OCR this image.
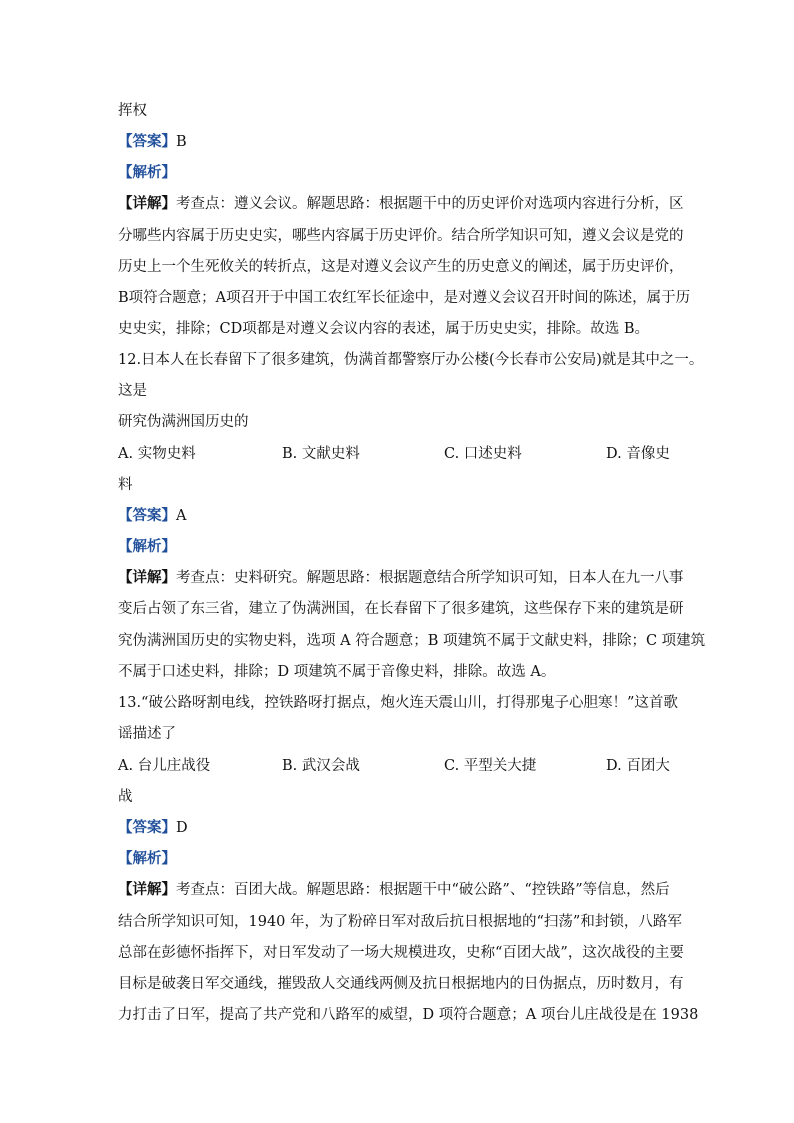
挥权
【答案】B
【解析】
【详解】考查点：遵义会议。解题思路：根据题干中的历史评价对选项内容进行分析，区
分哪些内容属于历史史实，哪些内容属于历史评价。结合所学知识可知，遵义会议是党的
历史上一个生死攸关的转折点，这是对遵义会议产生的历史意义的阐述，属于历史评价，
B项符合题意；A项召开于中国工农红军长征途中，是对遵义会议召开时间的陈述，属于历
史史实，排除；CD项都是对遵义会议内容的表述，属于历史史实，排除。故选 B。
12.日本人在长春留下了很多建筑，伪满首都警察厅办公楼(今长春市公安局)就是其中之一。
这是
研究伪满洲国历史的
A. 实物史料	B. 文献史料	C. 口述史料	D. 音像史
料
【答案】A
【解析】
【详解】考查点：史料研究。解题思路：根据题意结合所学知识可知，日本人在九一八事
变后占领了东三省，建立了伪满洲国，在长春留下了很多建筑，这些保存下来的建筑是研
究伪满洲国历史的实物史料，选项 A 符合题意；B 项建筑不属于文献史料，排除；C 项建筑
不属于口述史料，排除；D 项建筑不属于音像史料，排除。故选 A。
13.“破公路呀割电线，控铁路呀打据点，炮火连天震山川，打得那鬼子心胆寒！”这首歌
谣描述了
A. 台儿庄战役	B. 武汉会战	C. 平型关大捷	D. 百团大
战
【答案】D
【解析】
【详解】考查点：百团大战。解题思路：根据题干中“破公路”、“控铁路”等信息，然后
结合所学知识可知，1940 年，为了粉碎日军对敌后抗日根据地的“扫荡”和封锁，八路军
总部在彭德怀指挥下，对日军发动了一场大规模进攻，史称“百团大战”，这次战役的主要
目标是破袭日军交通线，摧毁敌人交通线两侧及抗日根据地内的日伪据点，历时数月，有
力打击了日军，提高了共产党和八路军的威望，D 项符合题意；A 项台儿庄战役是在 1938
